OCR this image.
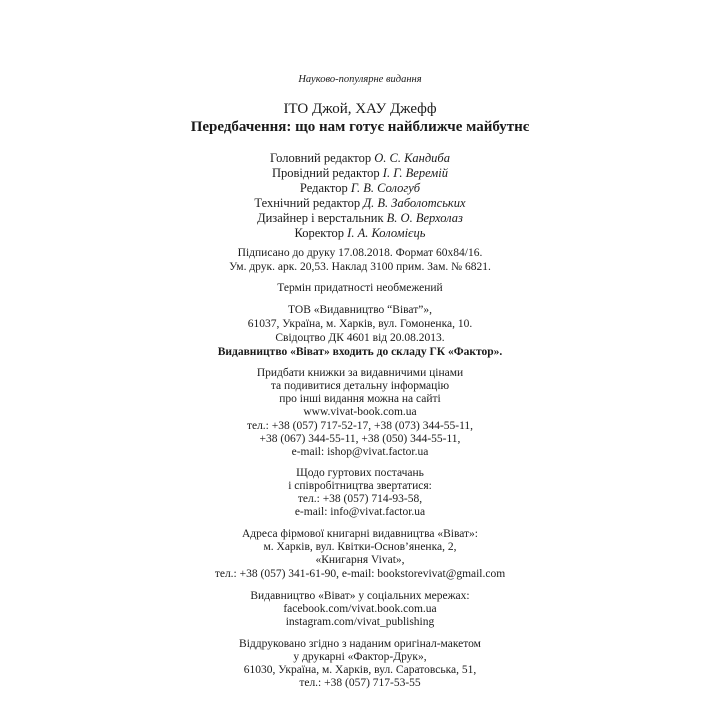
Науково-популярне видання
ІТО Джой, ХАУ Джефф
Передбачення: що нам готує найближче майбутнє
Головний редактор О. С. Кандиба
Провідний редактор І. Г. Веремій
Редактор Г. В. Сологуб
Технічний редактор Д. В. Заболотських
Дизайнер і верстальник В. О. Верхолаз
Коректор І. А. Коломієць
Підписано до друку 17.08.2018. Формат 60х84/16.
Ум. друк. арк. 20,53. Наклад 3100 прим. Зам. № 6821.
Термін придатності необмежений
ТОВ «Видавництво “Віват”»,
61037, Україна, м. Харків, вул. Гомоненка, 10.
Свідоцтво ДК 4601 від 20.08.2013.
Видавництво «Віват» входить до складу ГК «Фактор».
Придбати книжки за видавничими цінами
та подивитися детальну інформацію
про інші видання можна на сайті
www.vivat-book.com.ua
тел.: +38 (057) 717-52-17, +38 (073) 344-55-11,
+38 (067) 344-55-11, +38 (050) 344-55-11,
e-mail: ishop@vivat.factor.ua
Щодо гуртових постачань
і співробітництва звертатися:
тел.: +38 (057) 714-93-58,
e-mail: info@vivat.factor.ua
Адреса фірмової книгарні видавництва «Віват»:
м. Харків, вул. Квітки-Основ’яненка, 2,
«Книгарня Vivat»,
тел.: +38 (057) 341-61-90, e-mail: bookstorevivat@gmail.com
Видавництво «Віват» у соціальних мережах:
facebook.com/vivat.book.com.ua
instagram.com/vivat_publishing
Віддруковано згідно з наданим оригінал-макетом
у друкарні «Фактор-Друк»,
61030, Україна, м. Харків, вул. Саратовська, 51,
тел.: +38 (057) 717-53-55
